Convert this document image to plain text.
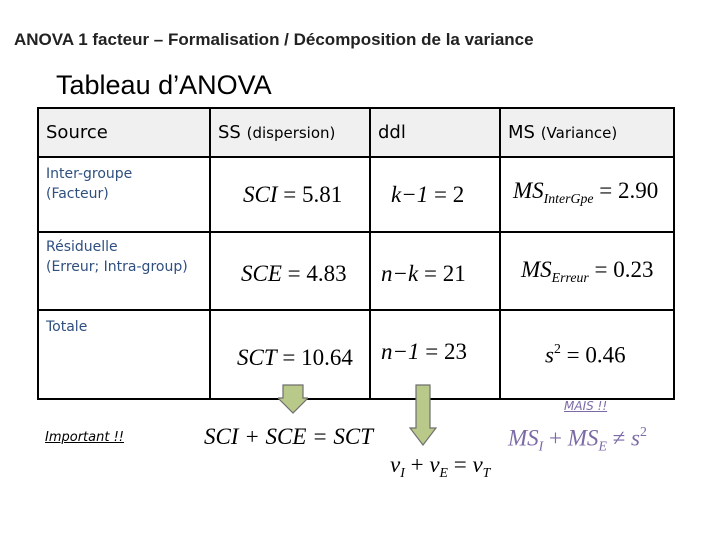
ANOVA 1 facteur – Formalisation / Décomposition de la variance
Tableau d’ANOVA
Source	SS (dispersion)	ddl	MS (Variance)

Inter-groupe
(Facteur)	SCI = 5.81	k−1 = 2	$MS_{InterGpe} = 2.90$

Résiduelle
(Erreur; Intra-group)	SCE = 4.83	n−k = 21	$MS_{Erreur} = 0.23$

Totale	SCT = 10.64	n−1 = 23	$s^2 = 0.46$
MAIS !!
Important !!	SCI + SCE = SCT
$\nu_I + \nu_E = \nu_T$
$MS_I + MS_E \ne s^2$
